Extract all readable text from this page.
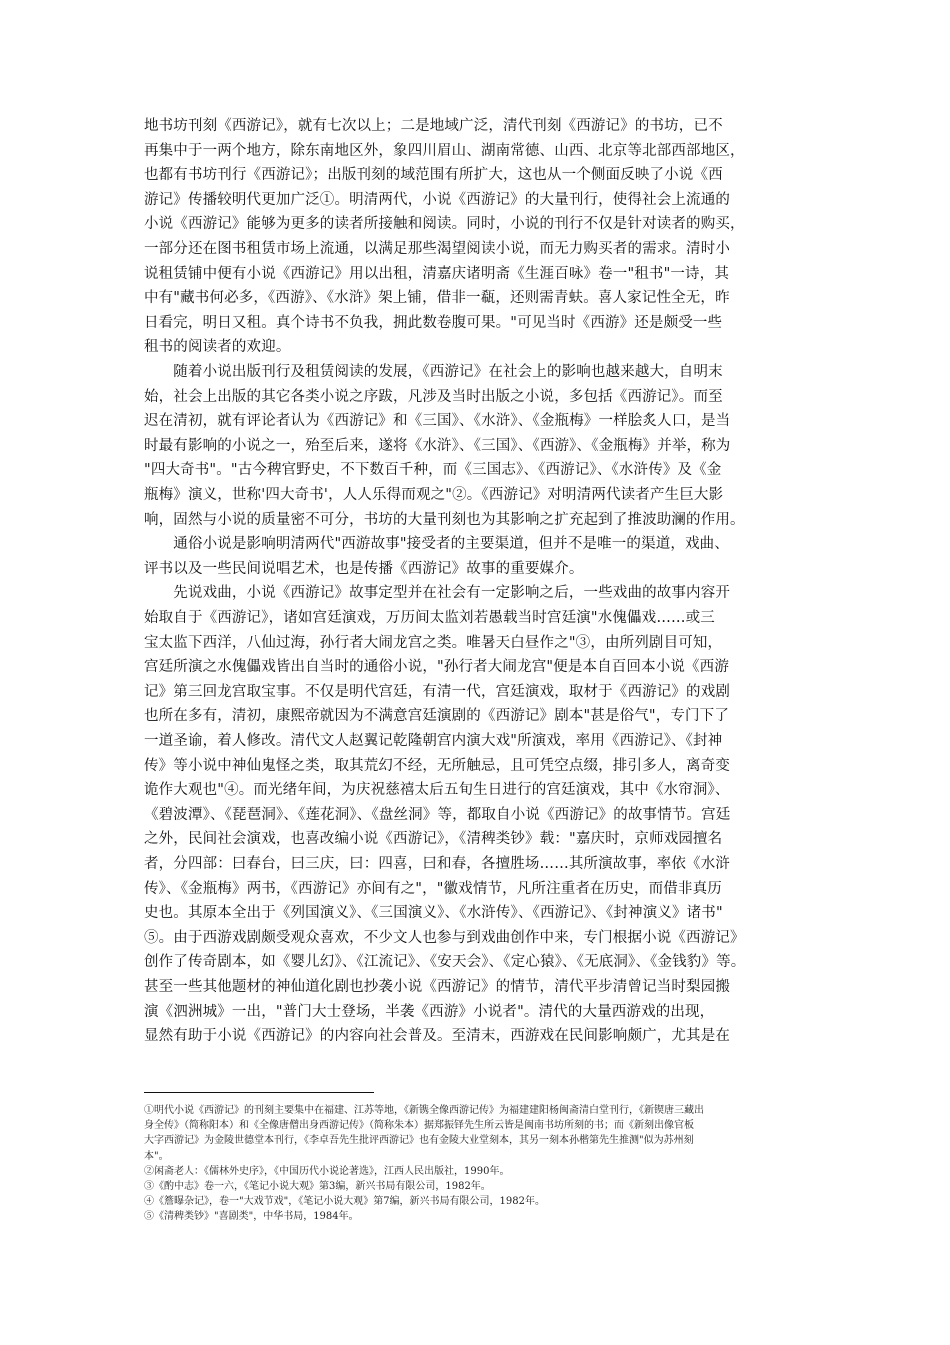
地书坊刊刻《西游记》，就有七次以上；二是地域广泛，清代刊刻《西游记》的书坊，已不
再集中于一两个地方，除东南地区外，象四川眉山、湖南常德、山西、北京等北部西部地区，
也都有书坊刊行《西游记》；出版刊刻的域范围有所扩大，这也从一个侧面反映了小说《西
游记》传播较明代更加广泛①。明清两代，小说《西游记》的大量刊行，使得社会上流通的
小说《西游记》能够为更多的读者所接触和阅读。同时，小说的刊行不仅是针对读者的购买，
一部分还在图书租赁市场上流通，以满足那些渴望阅读小说，而无力购买者的需求。清时小
说租赁铺中便有小说《西游记》用以出租，清嘉庆诸明斋《生涯百咏》卷一"租书"一诗，其
中有"藏书何必多，《西游》、《水浒》架上铺，借非一瓻，还则需青蚨。喜人家记性全无，昨
日看完，明日又租。真个诗书不负我，拥此数卷腹可果。"可见当时《西游》还是颇受一些
租书的阅读者的欢迎。
　　随着小说出版刊行及租赁阅读的发展，《西游记》在社会上的影响也越来越大，自明末
始，社会上出版的其它各类小说之序跋，凡涉及当时出版之小说，多包括《西游记》。而至
迟在清初，就有评论者认为《西游记》和《三国》、《水浒》、《金瓶梅》一样脍炙人口，是当
时最有影响的小说之一，殆至后来，遂将《水浒》、《三国》、《西游》、《金瓶梅》并举，称为
"四大奇书"。"古今稗官野史，不下数百千种，而《三国志》、《西游记》、《水浒传》及《金
瓶梅》演义，世称'四大奇书'，人人乐得而观之"②。《西游记》对明清两代读者产生巨大影
响，固然与小说的质量密不可分，书坊的大量刊刻也为其影响之扩充起到了推波助澜的作用。
　　通俗小说是影响明清两代"西游故事"接受者的主要渠道，但并不是唯一的渠道，戏曲、
评书以及一些民间说唱艺术，也是传播《西游记》故事的重要媒介。
　　先说戏曲，小说《西游记》故事定型并在社会有一定影响之后，一些戏曲的故事内容开
始取自于《西游记》，诸如宫廷演戏，万历间太监刘若愚载当时宫廷演"水傀儡戏……或三
宝太监下西洋，八仙过海，孙行者大闹龙宫之类。唯暑天白昼作之"③，由所列剧目可知，
宫廷所演之水傀儡戏皆出自当时的通俗小说，"孙行者大闹龙宫"便是本自百回本小说《西游
记》第三回龙宫取宝事。不仅是明代宫廷，有清一代，宫廷演戏，取材于《西游记》的戏剧
也所在多有，清初，康熙帝就因为不满意宫廷演剧的《西游记》剧本"甚是俗气"，专门下了
一道圣谕，着人修改。清代文人赵翼记乾隆朝宫内演大戏"所演戏，率用《西游记》、《封神
传》等小说中神仙鬼怪之类，取其荒幻不经，无所触忌，且可凭空点缀，排引多人，离奇变
诡作大观也"④。而光绪年间，为庆祝慈禧太后五旬生日进行的宫廷演戏，其中《水帘洞》、
《碧波潭》、《琵琶洞》、《莲花洞》、《盘丝洞》等，都取自小说《西游记》的故事情节。宫廷
之外，民间社会演戏，也喜改编小说《西游记》，《清稗类钞》载："嘉庆时，京师戏园擅名
者，分四部：曰春台，曰三庆，曰：四喜，曰和春，各擅胜场……其所演故事，率依《水浒
传》、《金瓶梅》两书，《西游记》亦间有之"，"徽戏情节，凡所注重者在历史，而借非真历
史也。其原本全出于《列国演义》、《三国演义》、《水浒传》、《西游记》、《封神演义》诸书"
⑤。由于西游戏剧颇受观众喜欢，不少文人也参与到戏曲创作中来，专门根据小说《西游记》
创作了传奇剧本，如《婴儿幻》、《江流记》、《安天会》、《定心猿》、《无底洞》、《金钱豹》等。
甚至一些其他题材的神仙道化剧也抄袭小说《西游记》的情节，清代平步清曾记当时梨园搬
演《泗洲城》一出，"普门大士登场，半袭《西游》小说者"。清代的大量西游戏的出现，
显然有助于小说《西游记》的内容向社会普及。至清末，西游戏在民间影响颇广，尤其是在
①明代小说《西游记》的刊刻主要集中在福建、江苏等地，《新镌全像西游记传》为福建建阳杨闽斋清白堂刊行，《新锲唐三藏出
身全传》（简称阳本）和《全像唐僧出身西游记传》（简称朱本）据郑振铎先生所云皆是闽南书坊所刻的书；而《新刻出像官板
大字西游记》为金陵世德堂本刊行，《李卓吾先生批评西游记》也有金陵大业堂刻本，其另一刻本孙楷第先生推测"似为苏州刻
本"。
②闲斋老人：《儒林外史序》，《中国历代小说论著选》，江西人民出版社，1990年。
③《酌中志》卷一六，《笔记小说大观》第3编，新兴书局有限公司，1982年。
④《簷曝杂记》，卷一"大戏节戏"，《笔记小说大观》第7编，新兴书局有限公司，1982年。
⑤《清稗类钞》"喜剧类"，中华书局，1984年。
